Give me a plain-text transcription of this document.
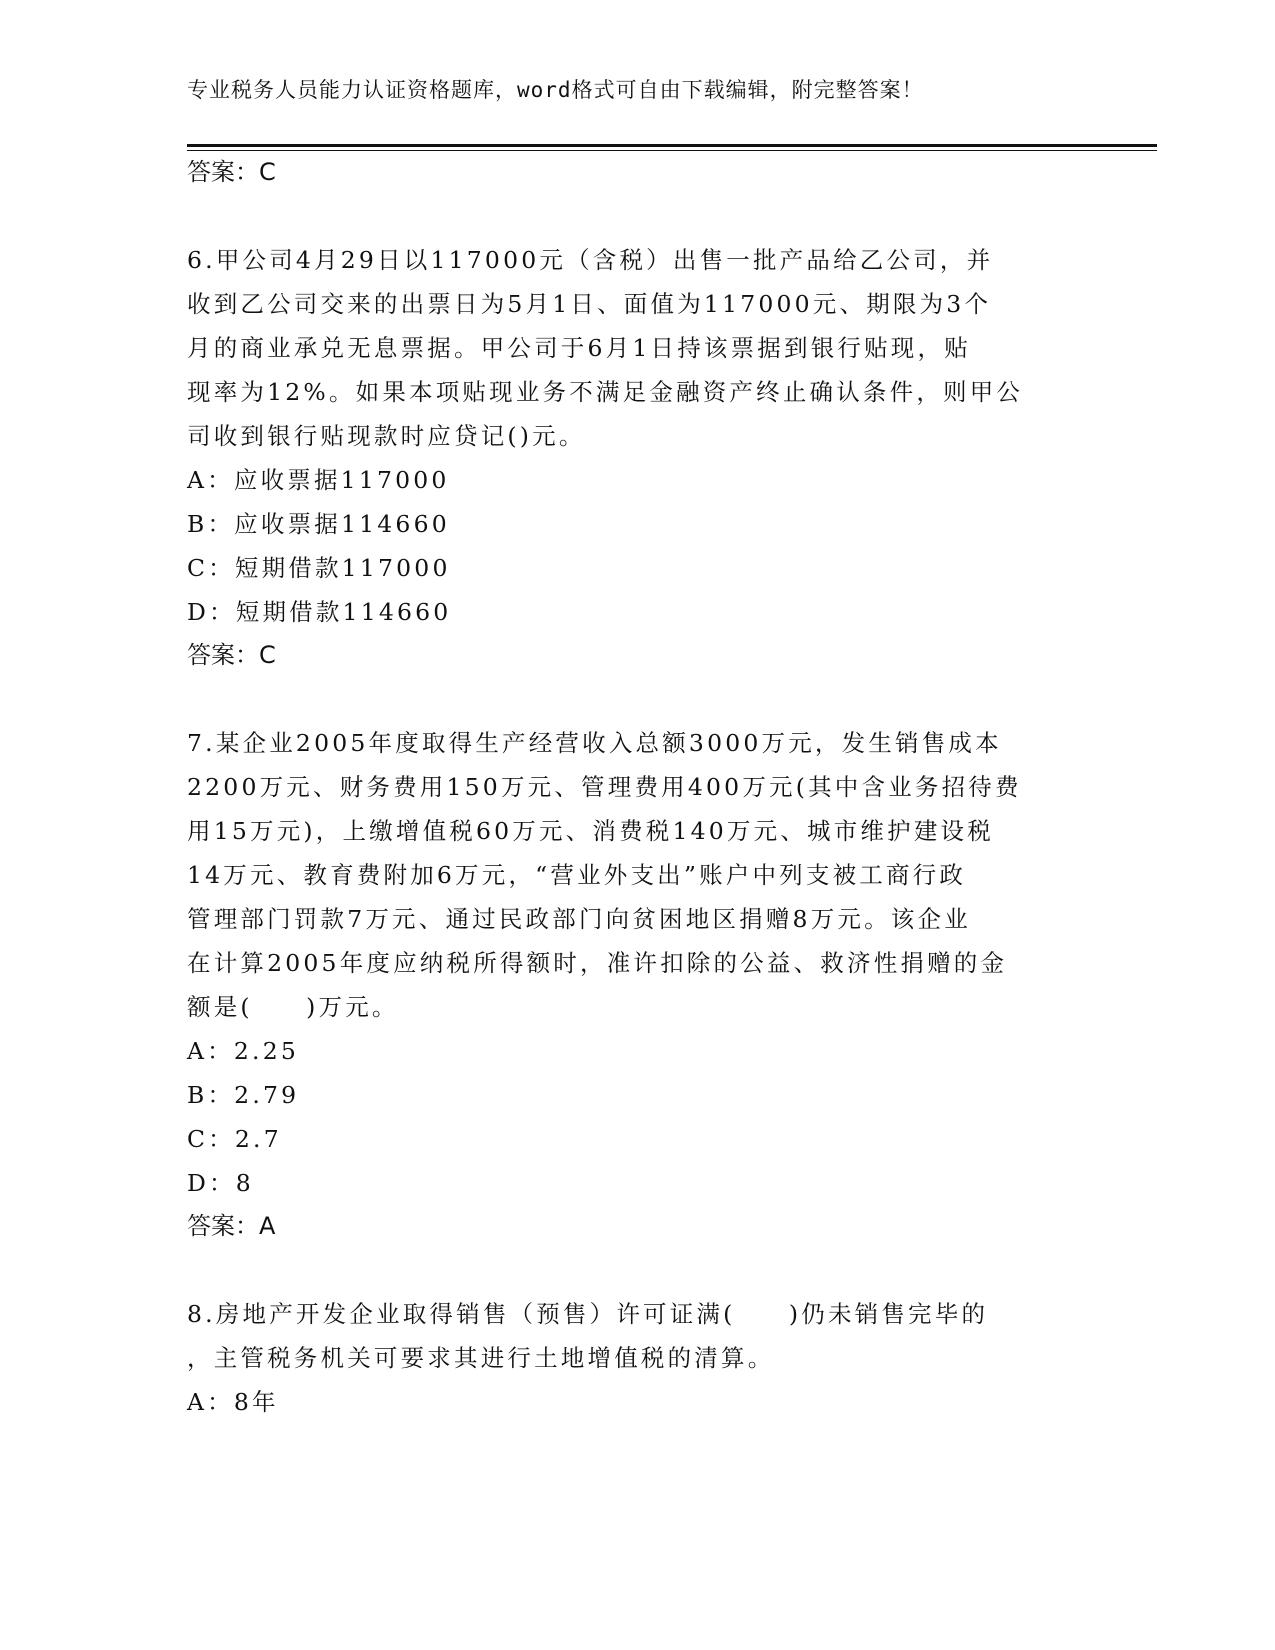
专业税务人员能力认证资格题库，word格式可自由下载编辑，附完整答案！
答案：C
6.甲公司4月29日以117000元（含税）出售一批产品给乙公司，并
收到乙公司交来的出票日为5月1日、面值为117000元、期限为3个
月的商业承兑无息票据。甲公司于6月1日持该票据到银行贴现，贴
现率为12%。如果本项贴现业务不满足金融资产终止确认条件，则甲公
司收到银行贴现款时应贷记()元。
A：应收票据117000
B：应收票据114660
C：短期借款117000
D：短期借款114660
答案：C
7.某企业2005年度取得生产经营收入总额3000万元，发生销售成本
2200万元、财务费用150万元、管理费用400万元(其中含业务招待费
用15万元)，上缴增值税60万元、消费税140万元、城市维护建设税
14万元、教育费附加6万元，“营业外支出”账户中列支被工商行政
管理部门罚款7万元、通过民政部门向贫困地区捐赠8万元。该企业
在计算2005年度应纳税所得额时，准许扣除的公益、救济性捐赠的金
额是(　　)万元。
A：2.25
B：2.79
C：2.7
D：8
答案：A
8.房地产开发企业取得销售（预售）许可证满(　　)仍未销售完毕的
，主管税务机关可要求其进行土地增值税的清算。
A：8年
